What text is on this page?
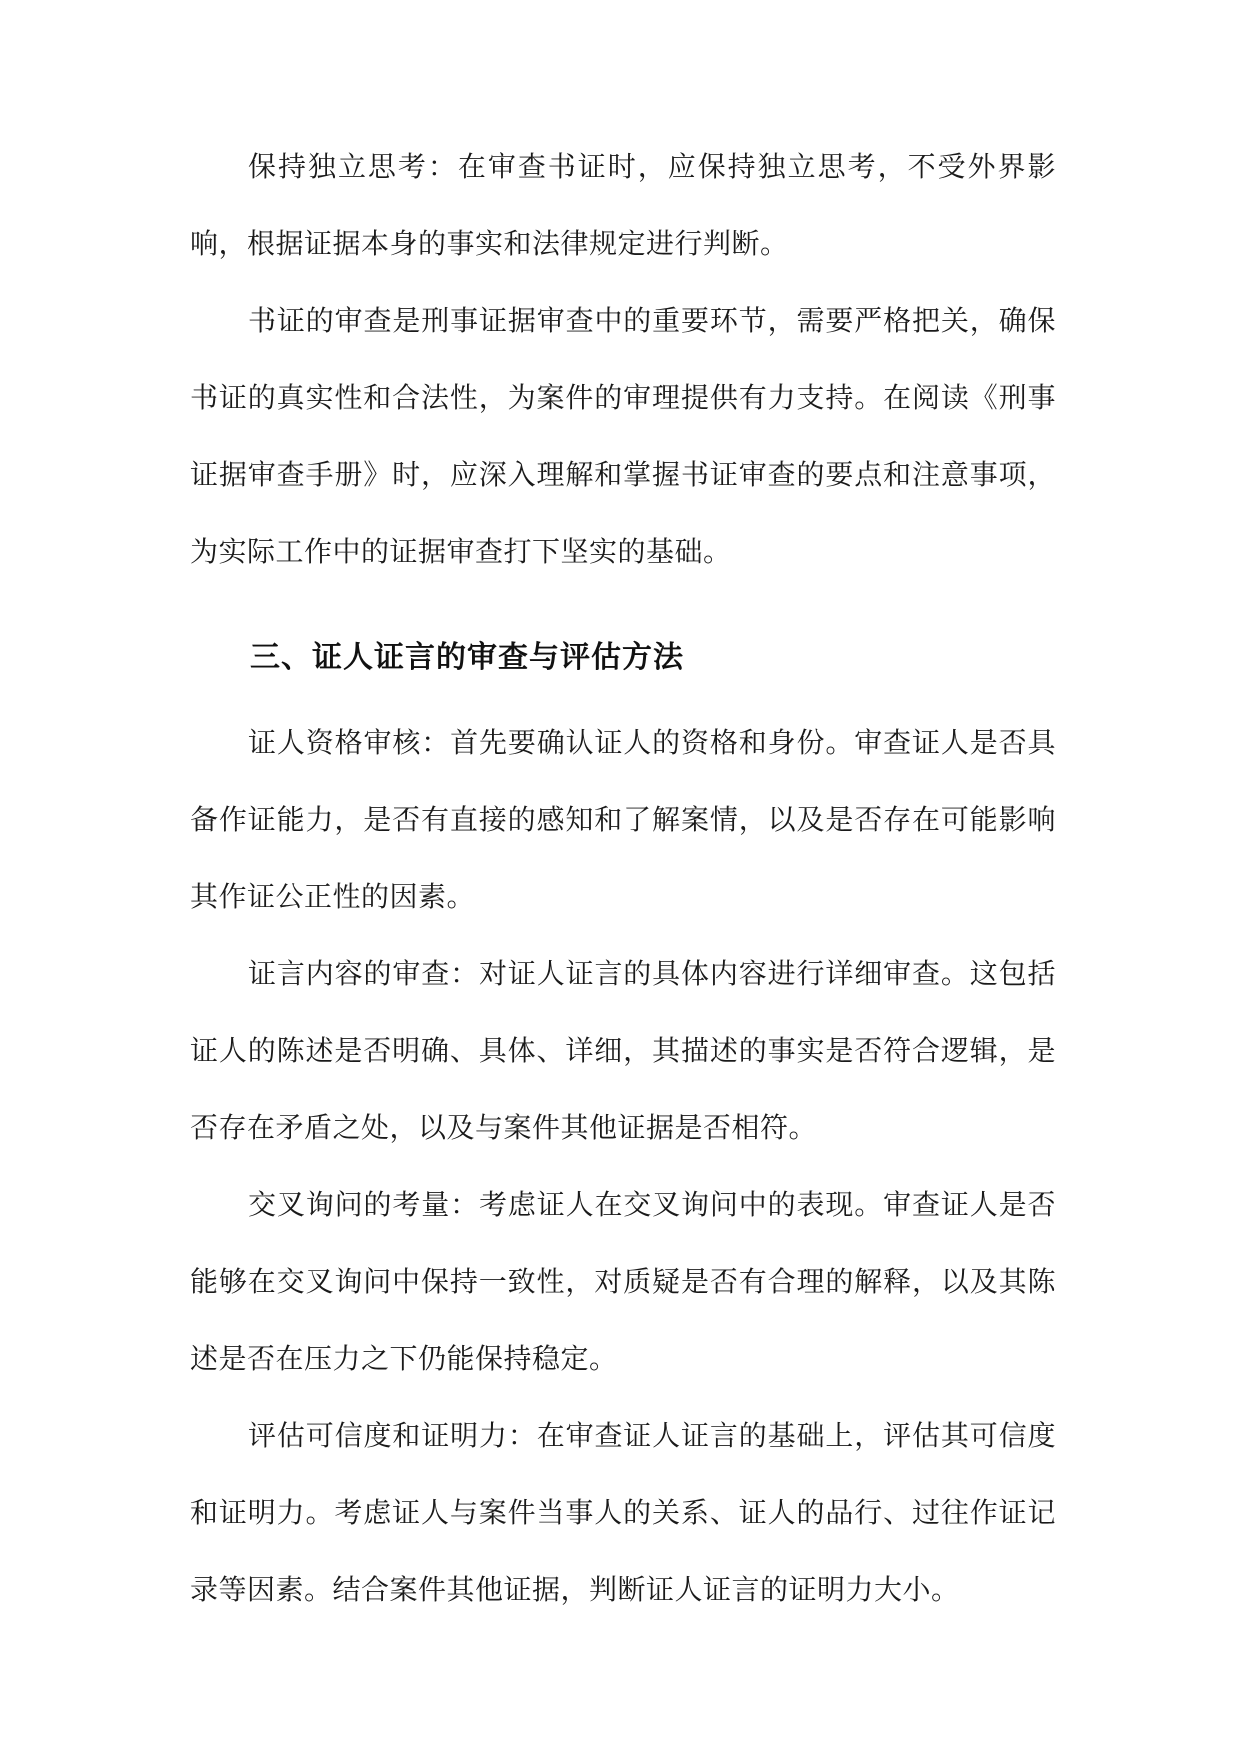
保持独立思考：在审查书证时，应保持独立思考，不受外界影响，根据证据本身的事实和法律规定进行判断。

书证的审查是刑事证据审查中的重要环节，需要严格把关，确保书证的真实性和合法性，为案件的审理提供有力支持。在阅读《刑事证据审查手册》时，应深入理解和掌握书证审查的要点和注意事项，为实际工作中的证据审查打下坚实的基础。

三、证人证言的审查与评估方法

证人资格审核：首先要确认证人的资格和身份。审查证人是否具备作证能力，是否有直接的感知和了解案情，以及是否存在可能影响其作证公正性的因素。

证言内容的审查：对证人证言的具体内容进行详细审查。这包括证人的陈述是否明确、具体、详细，其描述的事实是否符合逻辑，是否存在矛盾之处，以及与案件其他证据是否相符。

交叉询问的考量：考虑证人在交叉询问中的表现。审查证人是否能够在交叉询问中保持一致性，对质疑是否有合理的解释，以及其陈述是否在压力之下仍能保持稳定。

评估可信度和证明力：在审查证人证言的基础上，评估其可信度和证明力。考虑证人与案件当事人的关系、证人的品行、过往作证记录等因素。结合案件其他证据，判断证人证言的证明力大小。
